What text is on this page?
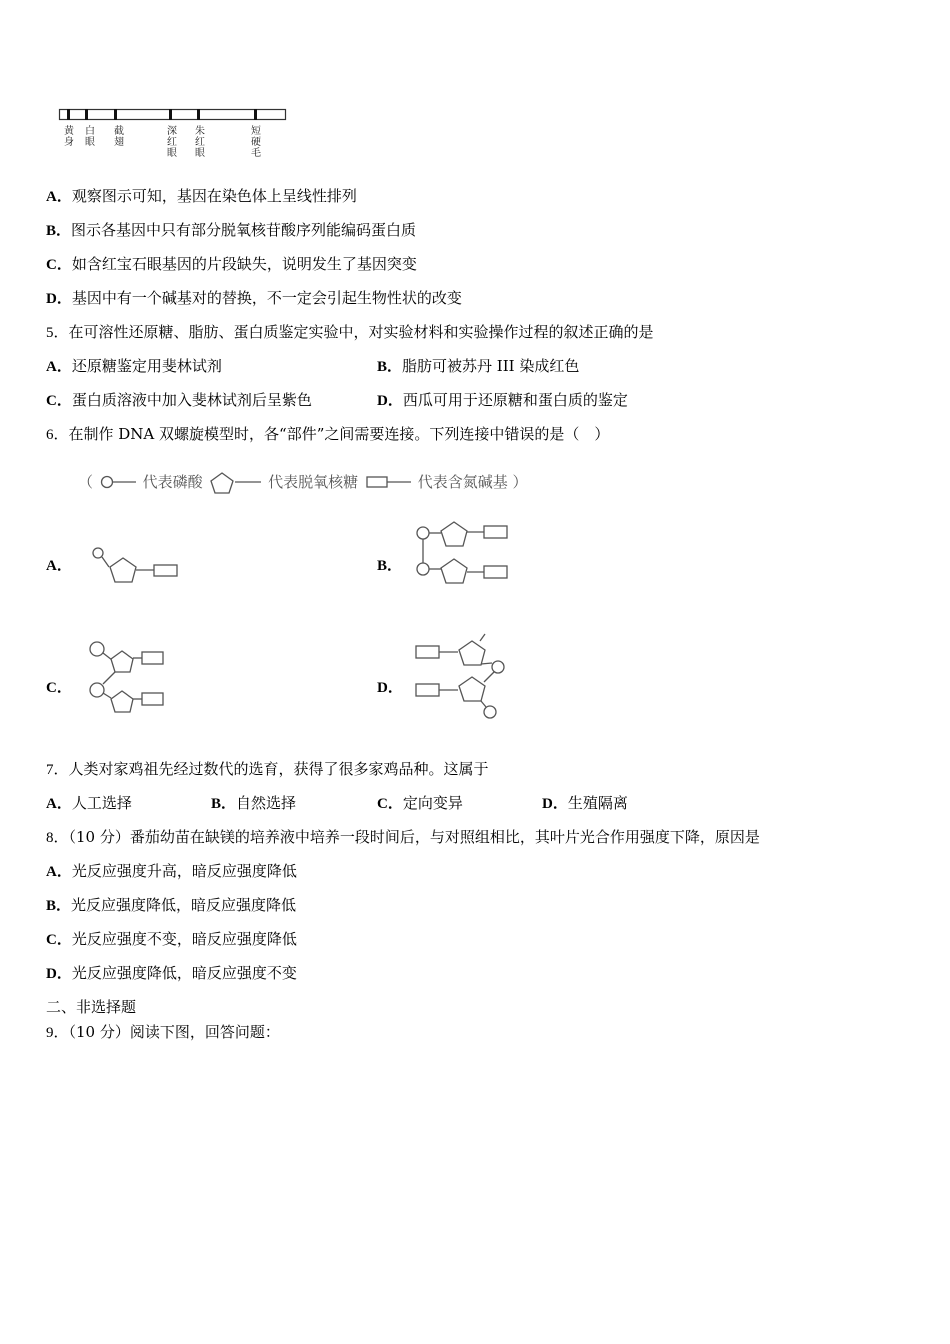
黄
身
白
眼
截
翅
深
红
眼
朱
红
眼
短
硬
毛
A．观察图示可知，基因在染色体上呈线性排列
B．图示各基因中只有部分脱氧核苷酸序列能编码蛋白质
C．如含红宝石眼基因的片段缺失，说明发生了基因突变
D．基因中有一个碱基对的替换，不一定会引起生物性状的改变
5．在可溶性还原糖、脂肪、蛋白质鉴定实验中，对实验材料和实验操作过程的叙述正确的是
A．还原糖鉴定用斐林试剂	B．脂肪可被苏丹 III 染成红色
C．蛋白质溶液中加入斐林试剂后呈紫色	D．西瓜可用于还原糖和蛋白质的鉴定
6．在制作 DNA 双螺旋模型时，各“部件”之间需要连接。下列连接中错误的是（　）
（	代表磷酸	代表脱氧核糖	代表含氮碱基 ）
A．	B．
C．	D．
7．人类对家鸡祖先经过数代的选育，获得了很多家鸡品种。这属于
A．人工选择	B．自然选择	C．定向变异	D．生殖隔离
8．（10 分）番茄幼苗在缺镁的培养液中培养一段时间后，与对照组相比，其叶片光合作用强度下降，原因是
A．光反应强度升高，暗反应强度降低
B．光反应强度降低，暗反应强度降低
C．光反应强度不变，暗反应强度降低
D．光反应强度降低，暗反应强度不变
二、非选择题
9．（10 分）阅读下图，回答问题：
